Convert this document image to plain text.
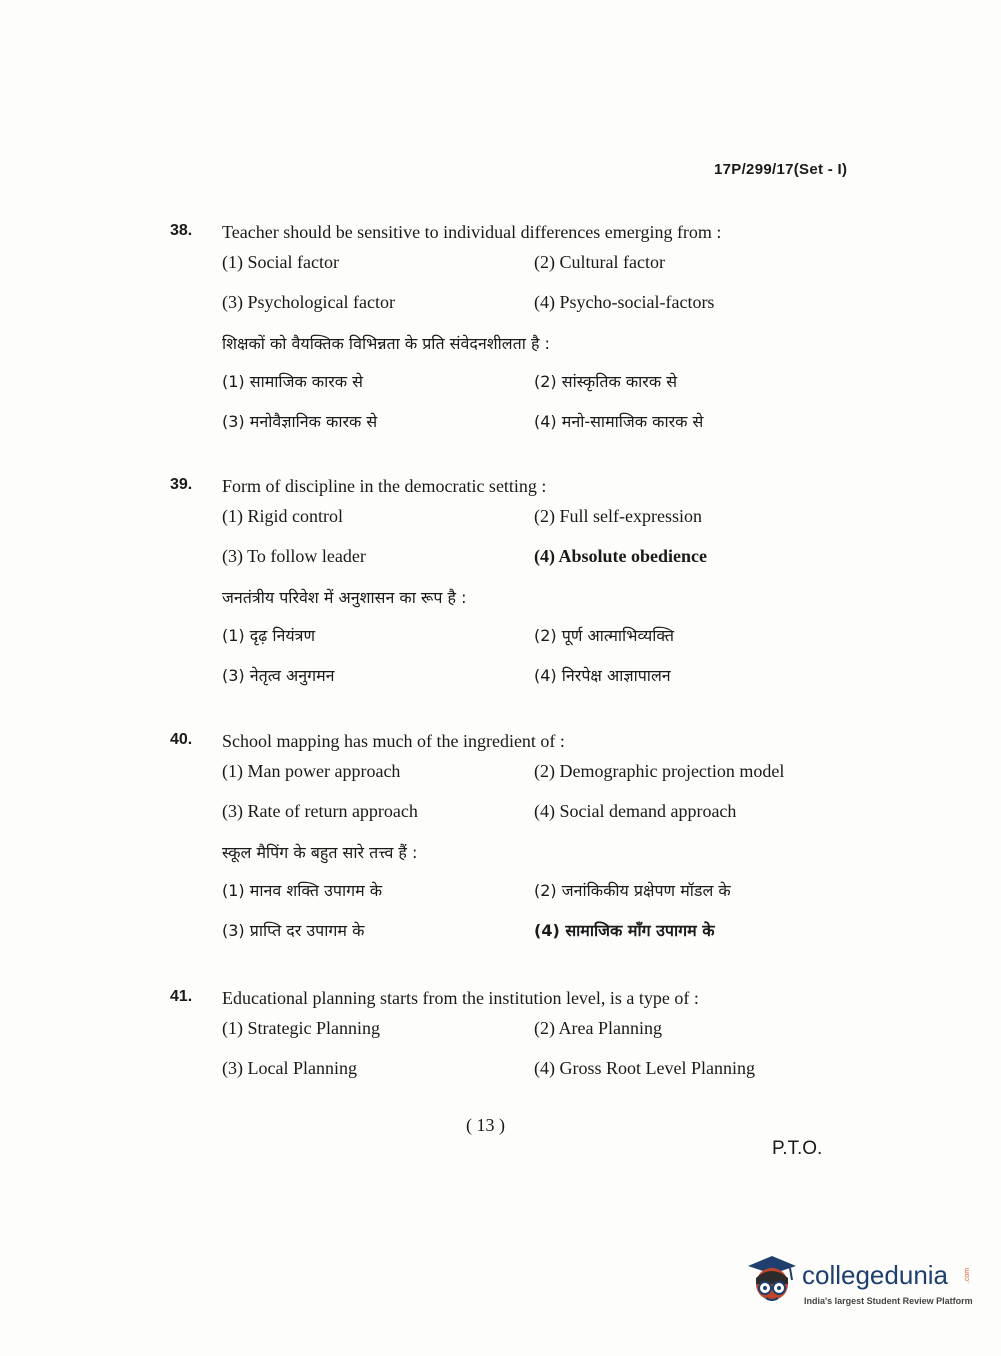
17P/299/17(Set - I)
38. Teacher should be sensitive to individual differences emerging from :
(1) Social factor	(2) Cultural factor
(3) Psychological factor	(4) Psycho-social-factors
शिक्षकों को वैयक्तिक विभिन्नता के प्रति संवेदनशीलता है :
(1) सामाजिक कारक से	(2) सांस्कृतिक कारक से
(3) मनोवैज्ञानिक कारक से	(4) मनो-सामाजिक कारक से
39. Form of discipline in the democratic setting :
(1) Rigid control	(2) Full self-expression
(3) To follow leader	(4) Absolute obedience
जनतंत्रीय परिवेश में अनुशासन का रूप है :
(1) दृढ़ नियंत्रण	(2) पूर्ण आत्माभिव्यक्ति
(3) नेतृत्व अनुगमन	(4) निरपेक्ष आज्ञापालन
40. School mapping has much of the ingredient of :
(1) Man power approach	(2) Demographic projection model
(3) Rate of return approach	(4) Social demand approach
स्कूल मैपिंग के बहुत सारे तत्त्व हैं :
(1) मानव शक्ति उपागम के	(2) जनांकिकीय प्रक्षेपण मॉडल के
(3) प्राप्ति दर उपागम के	(4) सामाजिक माँग उपागम के
41. Educational planning starts from the institution level, is a type of :
(1) Strategic Planning	(2) Area Planning
(3) Local Planning	(4) Gross Root Level Planning
( 13 )
P.T.O.
collegedunia .com
India's largest Student Review Platform
